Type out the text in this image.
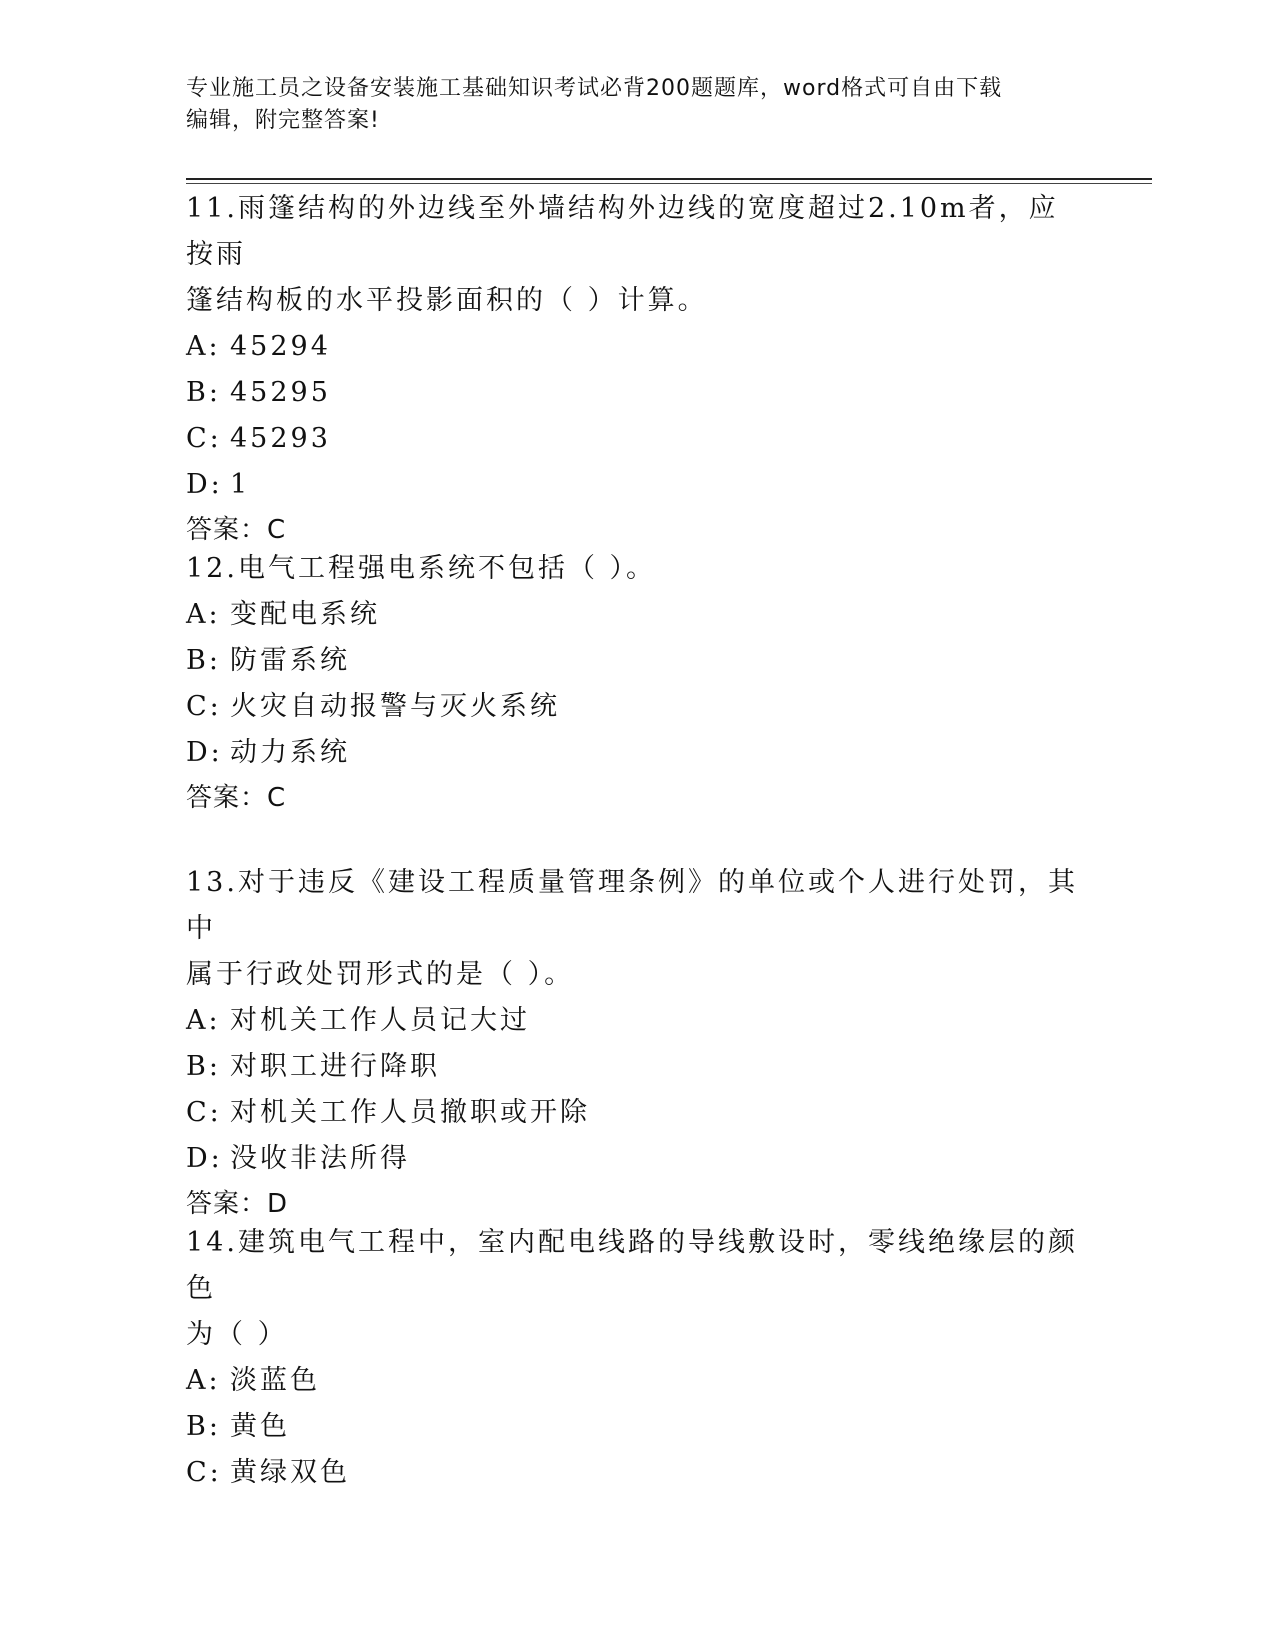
专业施工员之设备安装施工基础知识考试必背200题题库，word格式可自由下载
编辑，附完整答案!

11.雨篷结构的外边线至外墙结构外边线的宽度超过2.10m者，应按雨

篷结构板的水平投影面积的（ ）计算。

A: 45294

B: 45295

C: 45293

D: 1

答案：C

12.电气工程强电系统不包括（ ）。

A: 变配电系统

B: 防雷系统

C: 火灾自动报警与灭火系统

D: 动力系统

答案：C

13.对于违反《建设工程质量管理条例》的单位或个人进行处罚，其中

属于行政处罚形式的是（ ）。

A: 对机关工作人员记大过

B: 对职工进行降职

C: 对机关工作人员撤职或开除

D: 没收非法所得

答案：D

14.建筑电气工程中，室内配电线路的导线敷设时，零线绝缘层的颜色

为（ ）

A: 淡蓝色

B: 黄色

C: 黄绿双色
